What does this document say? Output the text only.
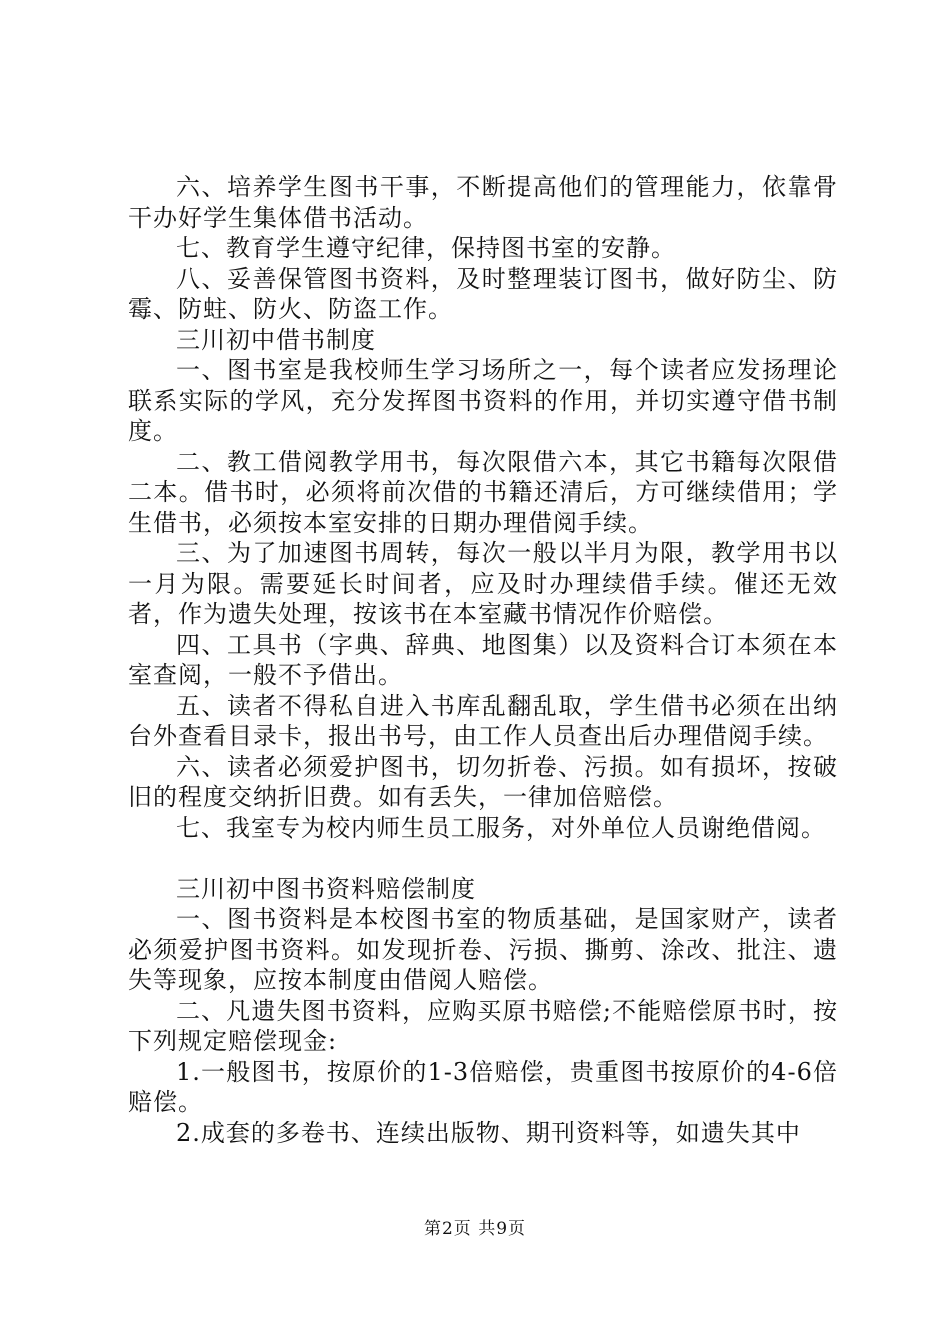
六、培养学生图书干事，不断提高他们的管理能力，依靠骨干办好学生集体借书活动。

七、教育学生遵守纪律，保持图书室的安静。

八、妥善保管图书资料，及时整理装订图书，做好防尘、防霉、防蛀、防火、防盗工作。

三川初中借书制度

一、图书室是我校师生学习场所之一，每个读者应发扬理论联系实际的学风，充分发挥图书资料的作用，并切实遵守借书制度。

二、教工借阅教学用书，每次限借六本，其它书籍每次限借二本。借书时，必须将前次借的书籍还清后，方可继续借用；学生借书，必须按本室安排的日期办理借阅手续。

三、为了加速图书周转，每次一般以半月为限，教学用书以一月为限。需要延长时间者，应及时办理续借手续。催还无效者，作为遗失处理，按该书在本室藏书情况作价赔偿。

四、工具书（字典、辞典、地图集）以及资料合订本须在本室查阅，一般不予借出。

五、读者不得私自进入书库乱翻乱取，学生借书必须在出纳台外查看目录卡，报出书号，由工作人员查出后办理借阅手续。

六、读者必须爱护图书，切勿折卷、污损。如有损坏，按破旧的程度交纳折旧费。如有丢失，一律加倍赔偿。

七、我室专为校内师生员工服务，对外单位人员谢绝借阅。

三川初中图书资料赔偿制度

一、图书资料是本校图书室的物质基础，是国家财产，读者必须爱护图书资料。如发现折卷、污损、撕剪、涂改、批注、遗失等现象，应按本制度由借阅人赔偿。

二、凡遗失图书资料，应购买原书赔偿;不能赔偿原书时，按下列规定赔偿现金:

1.一般图书，按原价的1-3倍赔偿，贵重图书按原价的4-6倍赔偿。

2.成套的多卷书、连续出版物、期刊资料等，如遗失其中

第2页 共9页
